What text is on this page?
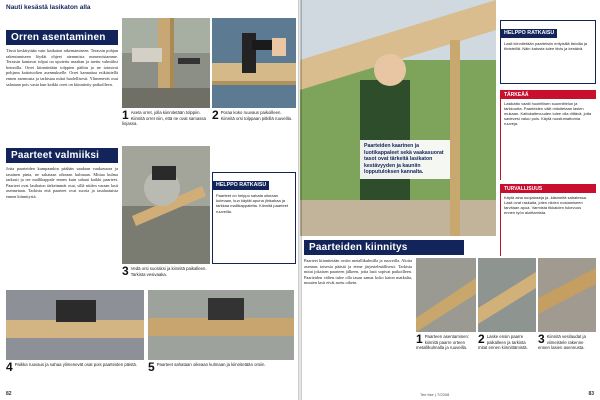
Nauti kesästä lasikaton alla
Orren asentaminen
Tässä keskitytään vain lasikaton rakentamiseen. Terassin pohjan rakentamiseen löydät ohjeet aiemmista numeroistamme. Terassin kantavat tolpat on upotettu maahan ja tuettu valmiiksi betonilla. Orret kiinnitetään tolppien päihin ja ne toimivat pohjana kattotuolien asennukselle. Orret kannattaa esikäsitellä ennen asennusta ja tarkistaa mitat huolellisesti. Ylimenevät osat sahataan pois vasta kun kaikki orret on kiinnitetty paikoilleen.
1 Aseta orret, jolla kiinnitetään tolppiin. Kiinnitä orret niin, että ne ovat samassa linjassa.
2 Poraa koko ruuvaus paikoilleen. Kiinnitä orsi tolppaan pitkillä ruuveilla.
Paarteet valmiiksi
Jotta paarteiden kumpaankin päähän saadaan vaakasuora ja tasainen pinta, ne sahataan oikeaan kulmaan. Mittaa kulma tarkasti ja tee mallikappale ennen kuin sahaat kaikki paarteet. Paarteet ovat lasikaton tärkeimmät osat, sillä niiden varaan lasit asennetaan. Tarkista että paarteet ovat suoria ja tasalaatuisia ennen kiinnitystä.
3 Vedä orsi suoraksi ja kiinnitä paikalleen. Tarkista vesivaaka.
HELPPO RATKAISU
Paarteet on helppo sahata oikeaan kulmaan, kun käytät apuna jiirisahaa ja tarkkaa mallikappaletta. Kiinnitä paarteet ruuveilla.
4 Paikka ruuvaus ja sahaa ylimenevät osat pois paarteiden päistä. 5 Paarteet sahataan oikeaan kulmaan ja kiinnitetään orsiin.
82
Paarteiden kaarinen ja luotikappaleet sekä vaakasuorat tasot ovat tärkeitä lasikaton kestävyyden ja kauniin lopputuloksen kannalta.
HELPPO RATKAISU
Lasit kiinnitetään paarteisiin erityisillä listoilla ja tiivisteillä. Näin katosta tulee tiivis ja kestävä.
TÄRKEÄÄ
Lasikatto vaatii huolellisen suunnittelun ja tarkkuutta. Paarteiden välit mitoitetaan lasien mukaan. Kattokaltevuuden tulee olla riittävä, jotta sadevesi valuu pois. Käytä ruostumattomia ruuveja.
TURVALLISUUS
Käytä aina suojalaseja ja -käsineitä sahatessa. Lasit ovat raskaita, joten niiden nostamiseen tarvitaan apua. Varmista tikkaiden tukevuus ennen työn aloittamista.
Paarteiden kiinnitys
Paarteet kiinnitetään orsiin metallikulmilla ja ruuveilla. Aloita asennus toisesta päästä ja etene järjestelmällisesti. Tarkista mitat jokaisen paarteen jälkeen, jotta lasit sopivat paikoilleen. Paarteiden välien tulee olla tasan samat koko katon matkalta, muuten lasit eivät asetu oikein.
1 Paarteen asentaminen: kiinnitä paarre orteen metallikulmalla ja ruuveilla.
2 Laske ensin paarre paikalleen ja tarkista mitat ennen kiinnittämistä.
3 Kiinnitä vesilaudat ja viimeistele rakenne ennen lasien asennusta.
Tee itse | 7/2008	83
